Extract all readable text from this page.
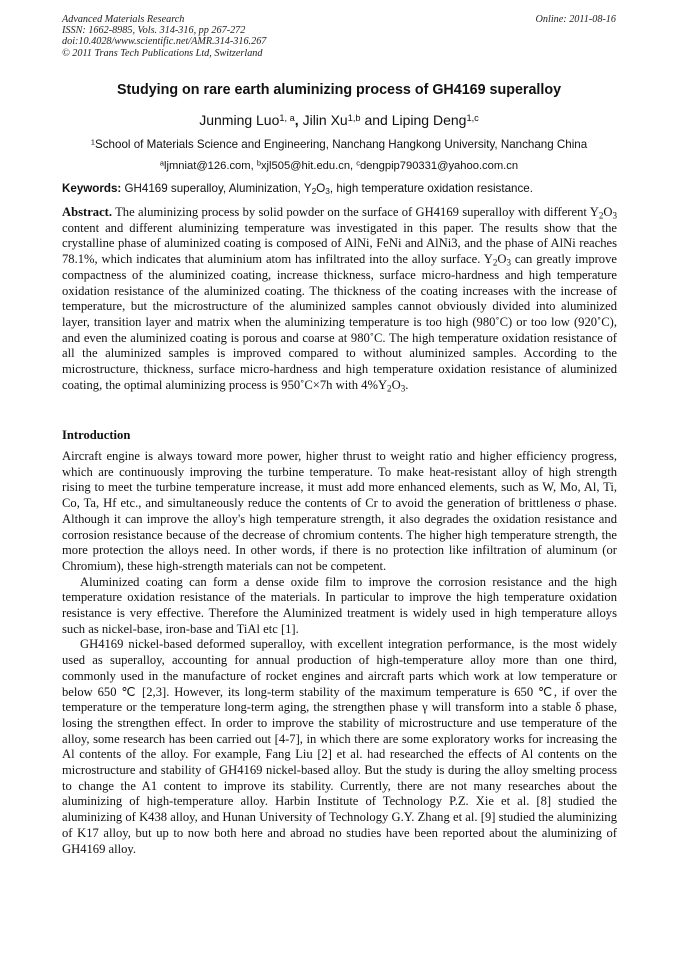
Advanced Materials Research
ISSN: 1662-8985, Vols. 314-316, pp 267-272
doi:10.4028/www.scientific.net/AMR.314-316.267
© 2011 Trans Tech Publications Ltd, Switzerland
Online: 2011-08-16
Studying on rare earth aluminizing process of GH4169 superalloy
Junming Luo$^{1, a}$, Jilin Xu$^{1,b}$ and Liping Deng$^{1,c}$
$^1$School of Materials Science and Engineering, Nanchang Hangkong University, Nanchang China
$^a$ljmniat@126.com, $^b$xjl505@hit.edu.cn, $^c$dengpip790331@yahoo.com.cn
Keywords: GH4169 superalloy, Aluminization, $Y_2O_3$, high temperature oxidation resistance.

Abstract. The aluminizing process by solid powder on the surface of GH4169 superalloy with different $Y_2O_3$ content and different aluminizing temperature was investigated in this paper. The results show that the crystalline phase of aluminized coating is composed of AlNi, FeNi and AlNi3, and the phase of AlNi reaches 78.1%, which indicates that aluminium atom has infiltrated into the alloy surface. $Y_2O_3$ can greatly improve compactness of the aluminized coating, increase thickness, surface micro-hardness and high temperature oxidation resistance of the aluminized coating. The thickness of the coating increases with the increase of temperature, but the microstructure of the aluminized samples cannot obviously divided into aluminized layer, transition layer and matrix when the aluminizing temperature is too high (980˚C) or too low (920˚C), and even the aluminized coating is porous and coarse at 980˚C. The high temperature oxidation resistance of all the aluminized samples is improved compared to without aluminized samples. According to the microstructure, thickness, surface micro-hardness and high temperature oxidation resistance of aluminized coating, the optimal aluminizing process is 950˚C×7h with $4\%Y_2O_3$.

Introduction

Aircraft engine is always toward more power, higher thrust to weight ratio and higher efficiency progress, which are continuously improving the turbine temperature. To make heat-resistant alloy of high strength rising to meet the turbine temperature increase, it must add more enhanced elements, such as W, Mo, Al, Ti, Co, Ta, Hf etc., and simultaneously reduce the contents of Cr to avoid the generation of brittleness σ phase. Although it can improve the alloy's high temperature strength, it also degrades the oxidation resistance and corrosion resistance because of the decrease of chromium contents. The higher high temperature strength, the more protection the alloys need. In other words, if there is no protection like infiltration of aluminum (or Chromium), these high-strength materials can not be competent.

Aluminized coating can form a dense oxide film to improve the corrosion resistance and the high temperature oxidation resistance of the materials. In particular to improve the high temperature oxidation resistance is very effective. Therefore the Aluminized treatment is widely used in high temperature alloys such as nickel-base, iron-base and TiAl etc [1].

GH4169 nickel-based deformed superalloy, with excellent integration performance, is the most widely used as superalloy, accounting for annual production of high-temperature alloy more than one third, commonly used in the manufacture of rocket engines and aircraft parts which work at low temperature or below 650 ℃ [2,3]. However, its long-term stability of the maximum temperature is 650 ℃, if over the temperature or the temperature long-term aging, the strengthen phase γ will transform into a stable δ phase, losing the strengthen effect. In order to improve the stability of microstructure and use temperature of the alloy, some research has been carried out [4-7], in which there are some exploratory works for increasing the Al contents of the alloy. For example, Fang Liu [2] et al. had researched the effects of Al contents on the microstructure and stability of GH4169 nickel-based alloy. But the study is during the alloy smelting process to change the A1 content to improve its stability. Currently, there are not many researches about the aluminizing of high-temperature alloy. Harbin Institute of Technology P.Z. Xie et al. [8] studied the aluminizing of K438 alloy, and Hunan University of Technology G.Y. Zhang et al. [9] studied the aluminizing of K17 alloy, but up to now both here and abroad no studies have been reported about the aluminizing of GH4169 alloy.
